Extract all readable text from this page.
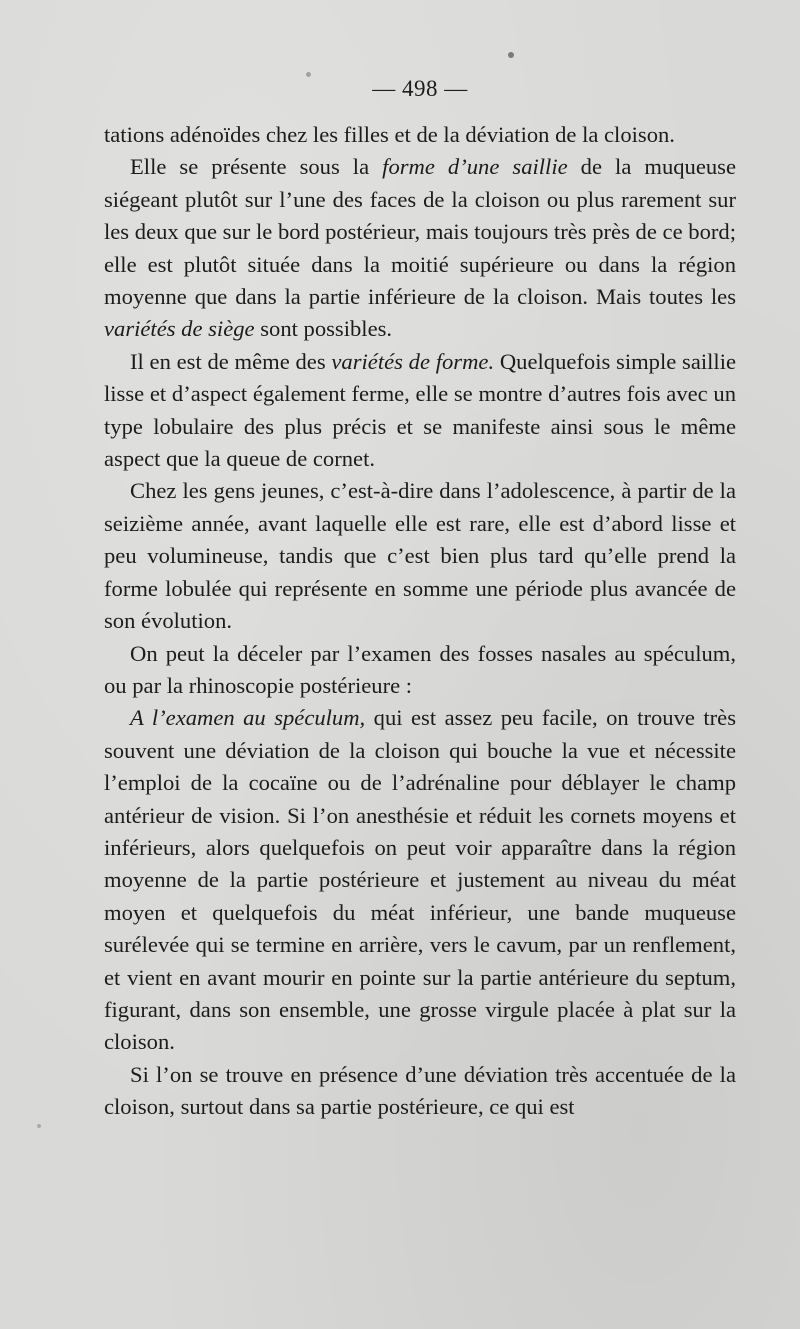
— 498 —

tations adénoïdes chez les filles et de la déviation de la cloison.

Elle se présente sous la forme d’une saillie de la muqueuse siégeant plutôt sur l’une des faces de la cloison ou plus rarement sur les deux que sur le bord postérieur, mais toujours très près de ce bord; elle est plutôt située dans la moitié supérieure ou dans la région moyenne que dans la partie inférieure de la cloison. Mais toutes les variétés de siège sont possibles.

Il en est de même des variétés de forme. Quelquefois simple saillie lisse et d’aspect également ferme, elle se montre d’autres fois avec un type lobulaire des plus précis et se manifeste ainsi sous le même aspect que la queue de cornet.

Chez les gens jeunes, c’est-à-dire dans l’adolescence, à partir de la seizième année, avant laquelle elle est rare, elle est d’abord lisse et peu volumineuse, tandis que c’est bien plus tard qu’elle prend la forme lobulée qui représente en somme une période plus avancée de son évolution.

On peut la déceler par l’examen des fosses nasales au spéculum, ou par la rhinoscopie postérieure :

A l’examen au spéculum, qui est assez peu facile, on trouve très souvent une déviation de la cloison qui bouche la vue et nécessite l’emploi de la cocaïne ou de l’adrénaline pour déblayer le champ antérieur de vision. Si l’on anesthésie et réduit les cornets moyens et inférieurs, alors quelquefois on peut voir apparaître dans la région moyenne de la partie postérieure et justement au niveau du méat moyen et quelquefois du méat inférieur, une bande muqueuse surélevée qui se termine en arrière, vers le cavum, par un renflement, et vient en avant mourir en pointe sur la partie antérieure du septum, figurant, dans son ensemble, une grosse virgule placée à plat sur la cloison.

Si l’on se trouve en présence d’une déviation très accentuée de la cloison, surtout dans sa partie postérieure, ce qui est
